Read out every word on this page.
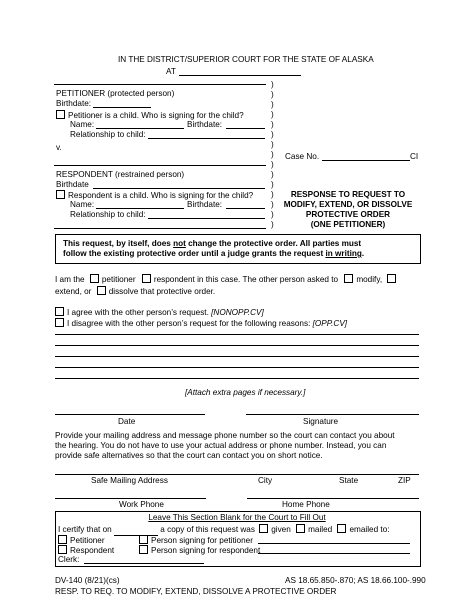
IN THE DISTRICT/SUPERIOR COURT FOR THE STATE OF ALASKA
AT
PETITIONER (protected person)
Birthdate:
Petitioner is a child. Who is signing for the child?
Name:	Birthdate:
Relationship to child:
v.
RESPONDENT (restrained person)
Birthdate
Respondent is a child. Who is signing for the child?
Name:	Birthdate:
Relationship to child:
)
)
)
)
)
)
)
)
)
)
)
)
)
)
)
Case No.	CI
RESPONSE TO REQUEST TO
MODIFY, EXTEND, OR DISSOLVE
PROTECTIVE ORDER
(ONE PETITIONER)
This request, by itself, does not change the protective order. All parties must
follow the existing protective order until a judge grants the request in writing.
I am the petitioner respondent in this case. The other person asked to modify,
extend, or dissolve that protective order.
I agree with the other person’s request. [NONOPP.CV]
I disagree with the other person’s request for the following reasons: [OPP.CV]
[Attach extra pages if necessary.]
Date	Signature
Provide your mailing address and message phone number so the court can contact you about
the hearing. You do not have to use your actual address or phone number. Instead, you can
provide safe alternatives so that the court can contact you on short notice.
Safe Mailing Address	City	State	ZIP
Work Phone	Home Phone
Leave This Section Blank for the Court to Fill Out
I certify that on	a copy of this request was given mailed emailed to:
Petitioner	Person signing for petitioner
Respondent	Person signing for respondent
Clerk:
DV-140 (8/21)(cs)
RESP. TO REQ. TO MODIFY, EXTEND, DISSOLVE A PROTECTIVE ORDER
AS 18.65.850-.870; AS 18.66.100-.990
